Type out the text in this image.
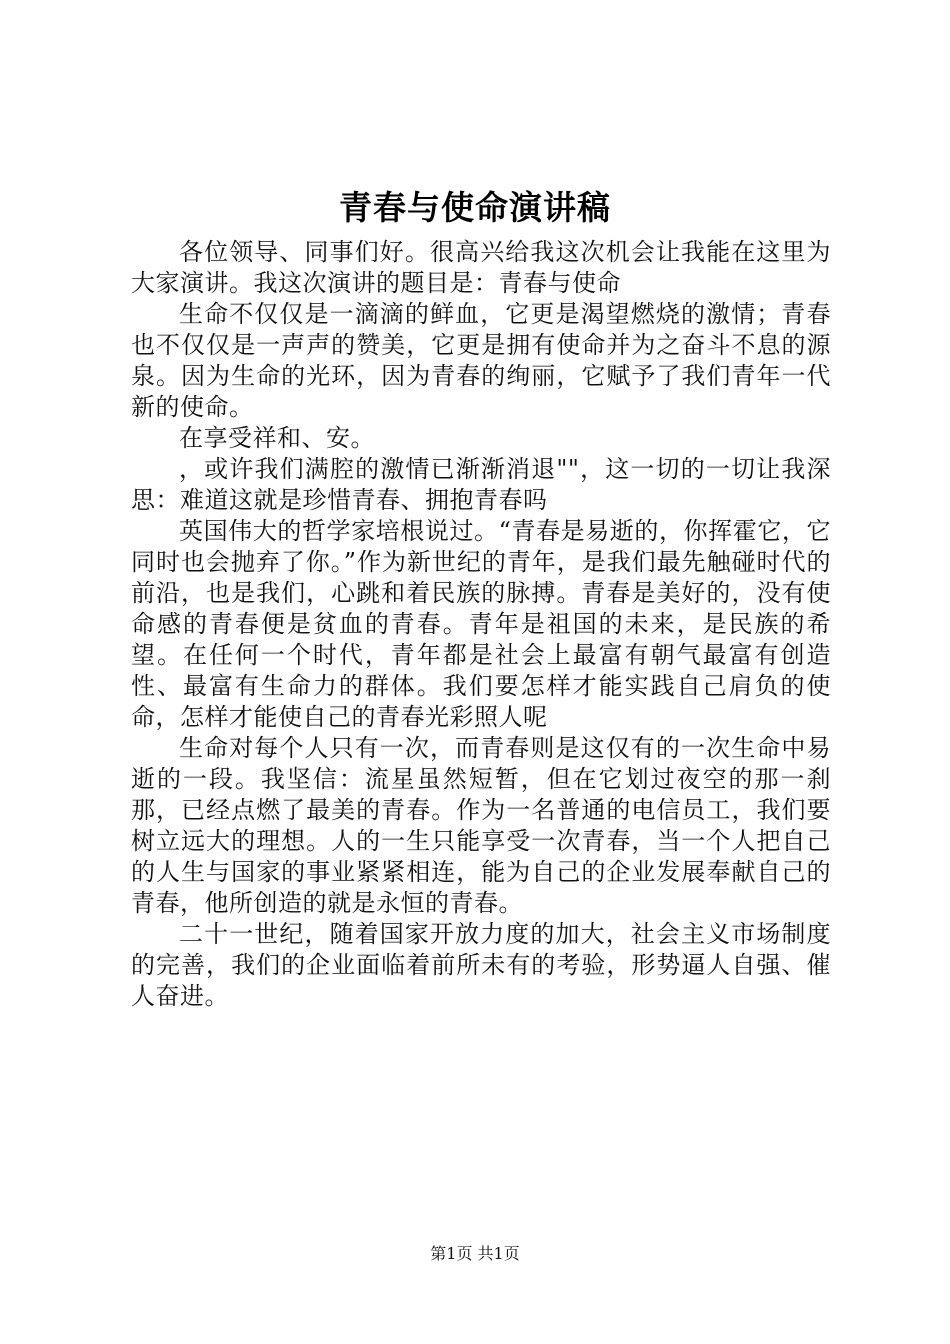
青春与使命演讲稿

各位领导、同事们好。很高兴给我这次机会让我能在这里为大家演讲。我这次演讲的题目是：青春与使命

生命不仅仅是一滴滴的鲜血，它更是渴望燃烧的激情；青春也不仅仅是一声声的赞美，它更是拥有使命并为之奋斗不息的源泉。因为生命的光环，因为青春的绚丽，它赋予了我们青年一代新的使命。

在享受祥和、安。

，或许我们满腔的激情已渐渐消退""，这一切的一切让我深思：难道这就是珍惜青春、拥抱青春吗

英国伟大的哲学家培根说过。“青春是易逝的，你挥霍它，它同时也会抛弃了你。”作为新世纪的青年，是我们最先触碰时代的前沿，也是我们，心跳和着民族的脉搏。青春是美好的，没有使命感的青春便是贫血的青春。青年是祖国的未来，是民族的希望。在任何一个时代，青年都是社会上最富有朝气最富有创造性、最富有生命力的群体。我们要怎样才能实践自己肩负的使命，怎样才能使自己的青春光彩照人呢

生命对每个人只有一次，而青春则是这仅有的一次生命中易逝的一段。我坚信：流星虽然短暂，但在它划过夜空的那一刹那，已经点燃了最美的青春。作为一名普通的电信员工，我们要树立远大的理想。人的一生只能享受一次青春，当一个人把自己的人生与国家的事业紧紧相连，能为自己的企业发展奉献自己的青春，他所创造的就是永恒的青春。

二十一世纪，随着国家开放力度的加大，社会主义市场制度的完善，我们的企业面临着前所未有的考验，形势逼人自强、催人奋进。

第1页 共1页
